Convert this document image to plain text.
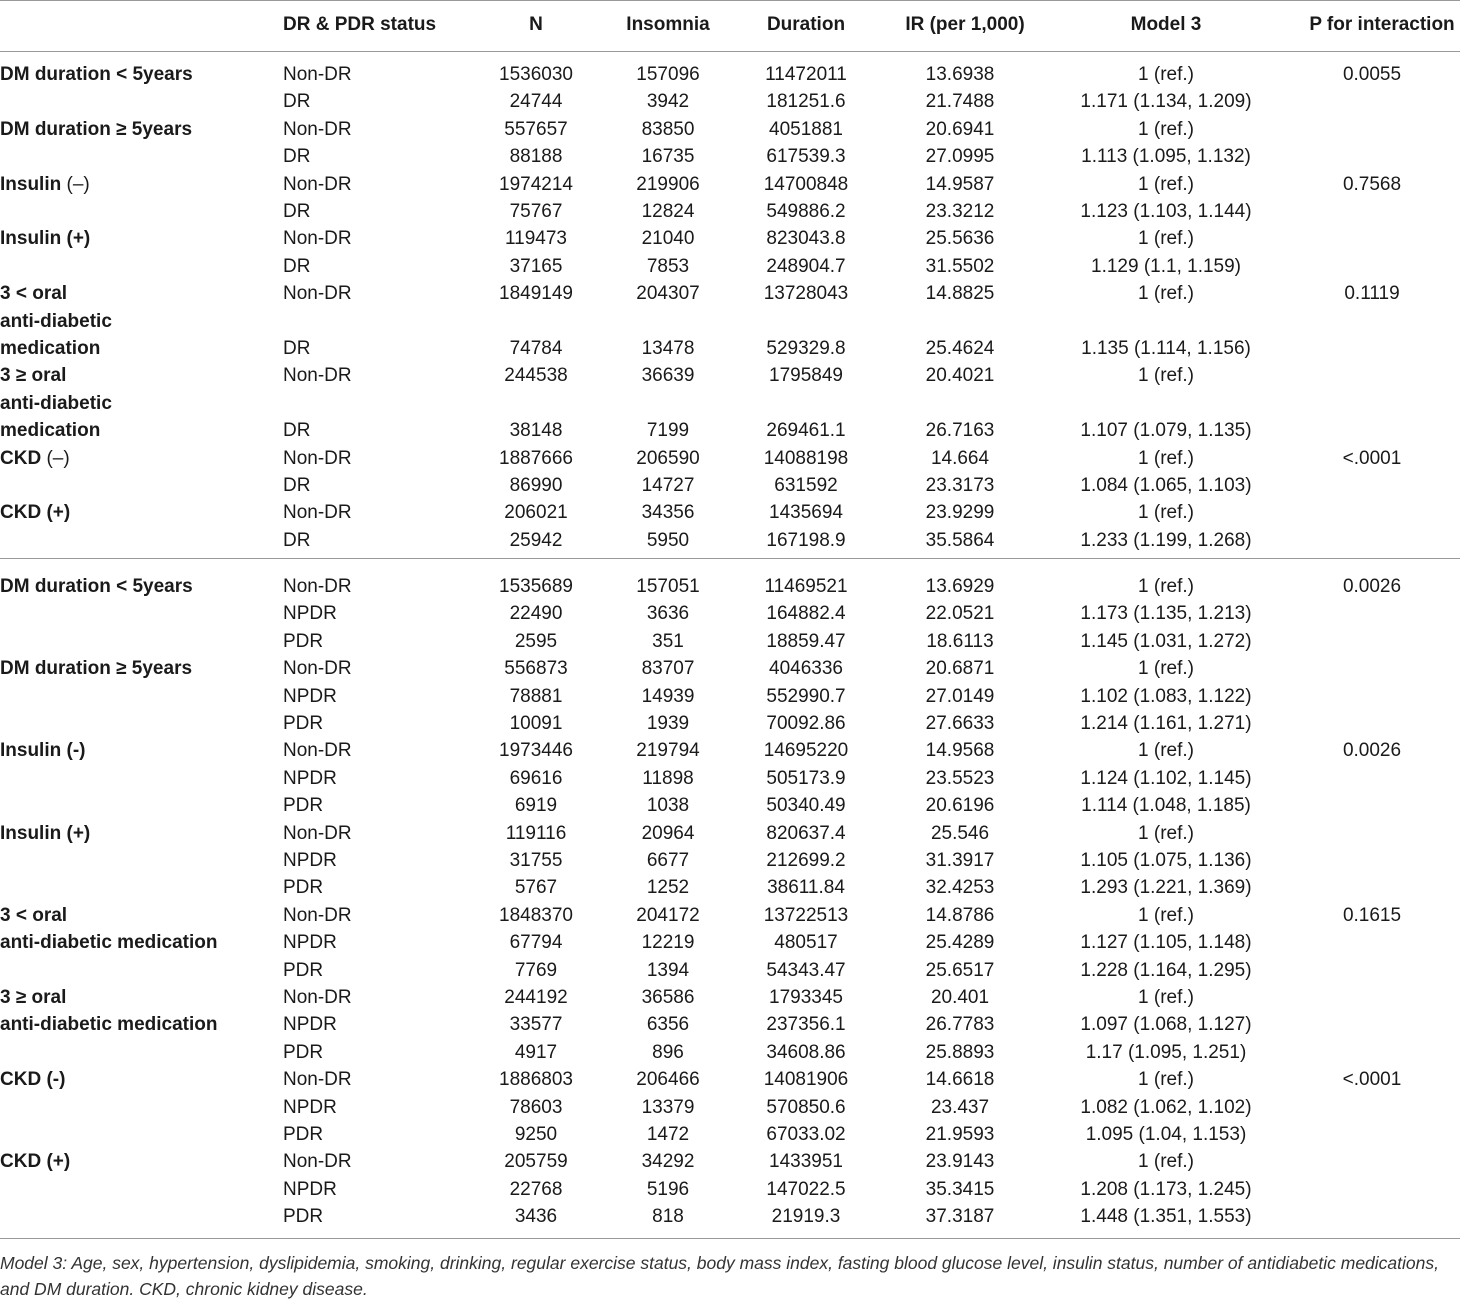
DR & PDR status	N	Insomnia	Duration	IR (per 1,000)	Model 3	P for interaction
DM duration < 5years	Non-DR	1536030	157096	11472011	13.6938	1 (ref.)	0.0055
DR	24744	3942	181251.6	21.7488	1.171 (1.134, 1.209)
DM duration ≥ 5years	Non-DR	557657	83850	4051881	20.6941	1 (ref.)
DR	88188	16735	617539.3	27.0995	1.113 (1.095, 1.132)
Insulin (–)	Non-DR	1974214	219906	14700848	14.9587	1 (ref.)	0.7568
DR	75767	12824	549886.2	23.3212	1.123 (1.103, 1.144)
Insulin (+)	Non-DR	119473	21040	823043.8	25.5636	1 (ref.)
DR	37165	7853	248904.7	31.5502	1.129 (1.1, 1.159)
3 < oral	Non-DR	1849149	204307	13728043	14.8825	1 (ref.)	0.1119
anti-diabetic
medication	DR	74784	13478	529329.8	25.4624	1.135 (1.114, 1.156)
3 ≥ oral	Non-DR	244538	36639	1795849	20.4021	1 (ref.)
anti-diabetic
medication	DR	38148	7199	269461.1	26.7163	1.107 (1.079, 1.135)
CKD (–)	Non-DR	1887666	206590	14088198	14.664	1 (ref.)	<.0001
DR	86990	14727	631592	23.3173	1.084 (1.065, 1.103)
CKD (+)	Non-DR	206021	34356	1435694	23.9299	1 (ref.)
DR	25942	5950	167198.9	35.5864	1.233 (1.199, 1.268)
DM duration < 5years	Non-DR	1535689	157051	11469521	13.6929	1 (ref.)	0.0026
NPDR	22490	3636	164882.4	22.0521	1.173 (1.135, 1.213)
PDR	2595	351	18859.47	18.6113	1.145 (1.031, 1.272)
DM duration ≥ 5years	Non-DR	556873	83707	4046336	20.6871	1 (ref.)
NPDR	78881	14939	552990.7	27.0149	1.102 (1.083, 1.122)
PDR	10091	1939	70092.86	27.6633	1.214 (1.161, 1.271)
Insulin (-)	Non-DR	1973446	219794	14695220	14.9568	1 (ref.)	0.0026
NPDR	69616	11898	505173.9	23.5523	1.124 (1.102, 1.145)
PDR	6919	1038	50340.49	20.6196	1.114 (1.048, 1.185)
Insulin (+)	Non-DR	119116	20964	820637.4	25.546	1 (ref.)
NPDR	31755	6677	212699.2	31.3917	1.105 (1.075, 1.136)
PDR	5767	1252	38611.84	32.4253	1.293 (1.221, 1.369)
3 < oral	Non-DR	1848370	204172	13722513	14.8786	1 (ref.)	0.1615
anti-diabetic medication	NPDR	67794	12219	480517	25.4289	1.127 (1.105, 1.148)
PDR	7769	1394	54343.47	25.6517	1.228 (1.164, 1.295)
3 ≥ oral	Non-DR	244192	36586	1793345	20.401	1 (ref.)
anti-diabetic medication	NPDR	33577	6356	237356.1	26.7783	1.097 (1.068, 1.127)
PDR	4917	896	34608.86	25.8893	1.17 (1.095, 1.251)
CKD (-)	Non-DR	1886803	206466	14081906	14.6618	1 (ref.)	<.0001
NPDR	78603	13379	570850.6	23.437	1.082 (1.062, 1.102)
PDR	9250	1472	67033.02	21.9593	1.095 (1.04, 1.153)
CKD (+)	Non-DR	205759	34292	1433951	23.9143	1 (ref.)
NPDR	22768	5196	147022.5	35.3415	1.208 (1.173, 1.245)
PDR	3436	818	21919.3	37.3187	1.448 (1.351, 1.553)
Model 3: Age, sex, hypertension, dyslipidemia, smoking, drinking, regular exercise status, body mass index, fasting blood glucose level, insulin status, number of antidiabetic medications, and DM duration. CKD, chronic kidney disease.
